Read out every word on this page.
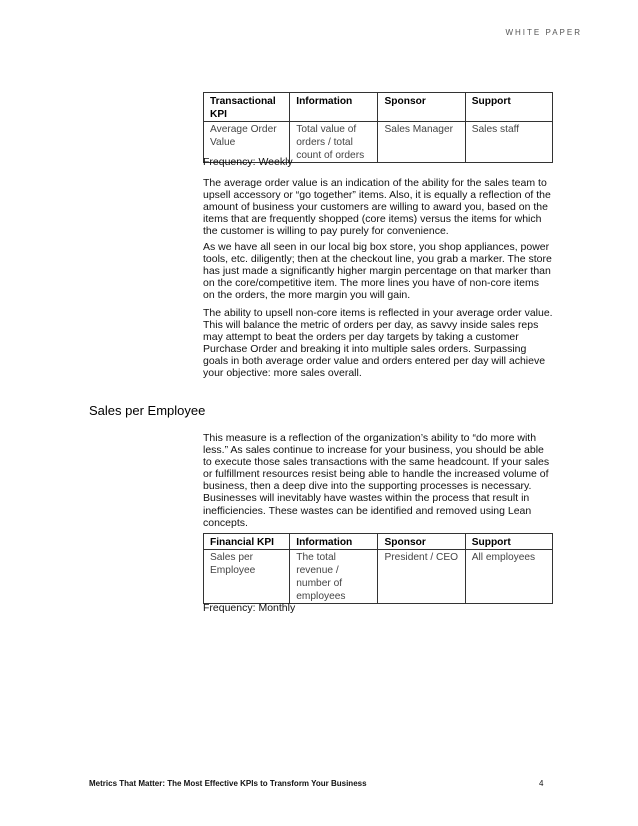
WHITE PAPER
Transactional KPI	Information	Sponsor	Support
Average Order Value	Total value of orders / total count of orders	Sales Manager	Sales staff
Frequency: Weekly

The average order value is an indication of the ability for the sales team to upsell accessory or “go together” items. Also, it is equally a reflection of the amount of business your customers are willing to award you, based on the items that are frequently shopped (core items) versus the items for which the customer is willing to pay purely for convenience.

As we have all seen in our local big box store, you shop appliances, power tools, etc. diligently; then at the checkout line, you grab a marker. The store has just made a significantly higher margin percentage on that marker than on the core/competitive item. The more lines you have of non-core items on the orders, the more margin you will gain.

The ability to upsell non-core items is reflected in your average order value. This will balance the metric of orders per day, as savvy inside sales reps may attempt to beat the orders per day targets by taking a customer Purchase Order and breaking it into multiple sales orders. Surpassing goals in both average order value and orders entered per day will achieve your objective: more sales overall.

Sales per Employee

This measure is a reflection of the organization’s ability to “do more with less.” As sales continue to increase for your business, you should be able to execute those sales transactions with the same headcount. If your sales or fulfillment resources resist being able to handle the increased volume of business, then a deep dive into the supporting processes is necessary. Businesses will inevitably have wastes within the process that result in inefficiencies. These wastes can be identified and removed using Lean concepts.

Financial KPI	Information	Sponsor	Support
Sales per Employee	The total revenue / number of employees	President / CEO	All employees
Frequency: Monthly
Metrics That Matter: The Most Effective KPIs to Transform Your Business	4
